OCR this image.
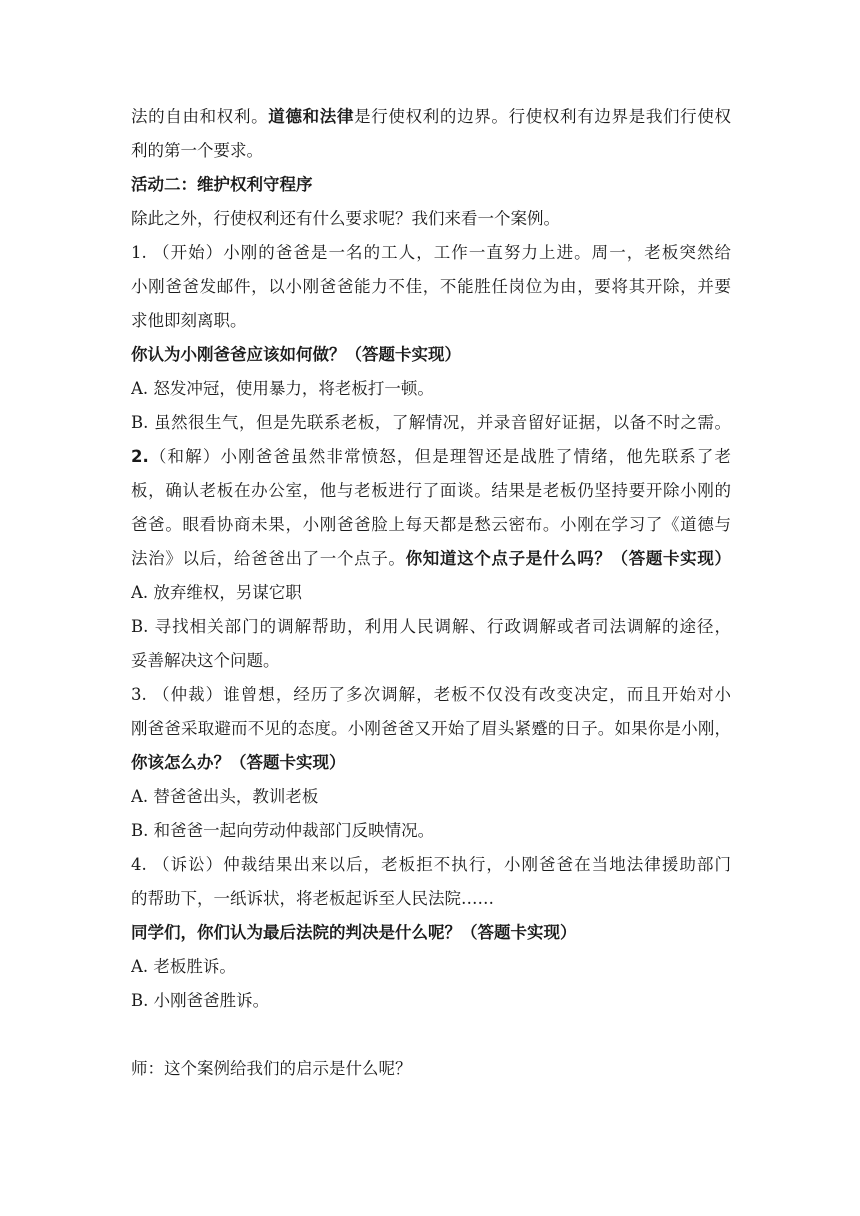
法的自由和权利。道德和法律是行使权利的边界。行使权利有边界是我们行使权
利的第一个要求。
活动二：维护权利守程序
除此之外，行使权利还有什么要求呢？我们来看一个案例。
1. （开始）小刚的爸爸是一名的工人，工作一直努力上进。周一，老板突然给
小刚爸爸发邮件，以小刚爸爸能力不佳，不能胜任岗位为由，要将其开除，并要
求他即刻离职。
你认为小刚爸爸应该如何做？（答题卡实现）
A. 怒发冲冠，使用暴力，将老板打一顿。
B. 虽然很生气，但是先联系老板，了解情况，并录音留好证据，以备不时之需。
2.（和解）小刚爸爸虽然非常愤怒，但是理智还是战胜了情绪，他先联系了老
板，确认老板在办公室，他与老板进行了面谈。结果是老板仍坚持要开除小刚的
爸爸。眼看协商未果，小刚爸爸脸上每天都是愁云密布。小刚在学习了《道德与
法治》以后，给爸爸出了一个点子。你知道这个点子是什么吗？（答题卡实现）
A. 放弃维权，另谋它职
B. 寻找相关部门的调解帮助，利用人民调解、行政调解或者司法调解的途径，
妥善解决这个问题。
3. （仲裁）谁曾想，经历了多次调解，老板不仅没有改变决定，而且开始对小
刚爸爸采取避而不见的态度。小刚爸爸又开始了眉头紧蹙的日子。如果你是小刚，
你该怎么办？（答题卡实现）
A. 替爸爸出头，教训老板
B. 和爸爸一起向劳动仲裁部门反映情况。
4. （诉讼）仲裁结果出来以后，老板拒不执行，小刚爸爸在当地法律援助部门
的帮助下，一纸诉状，将老板起诉至人民法院……
同学们，你们认为最后法院的判决是什么呢？（答题卡实现）
A. 老板胜诉。
B. 小刚爸爸胜诉。
师：这个案例给我们的启示是什么呢？
